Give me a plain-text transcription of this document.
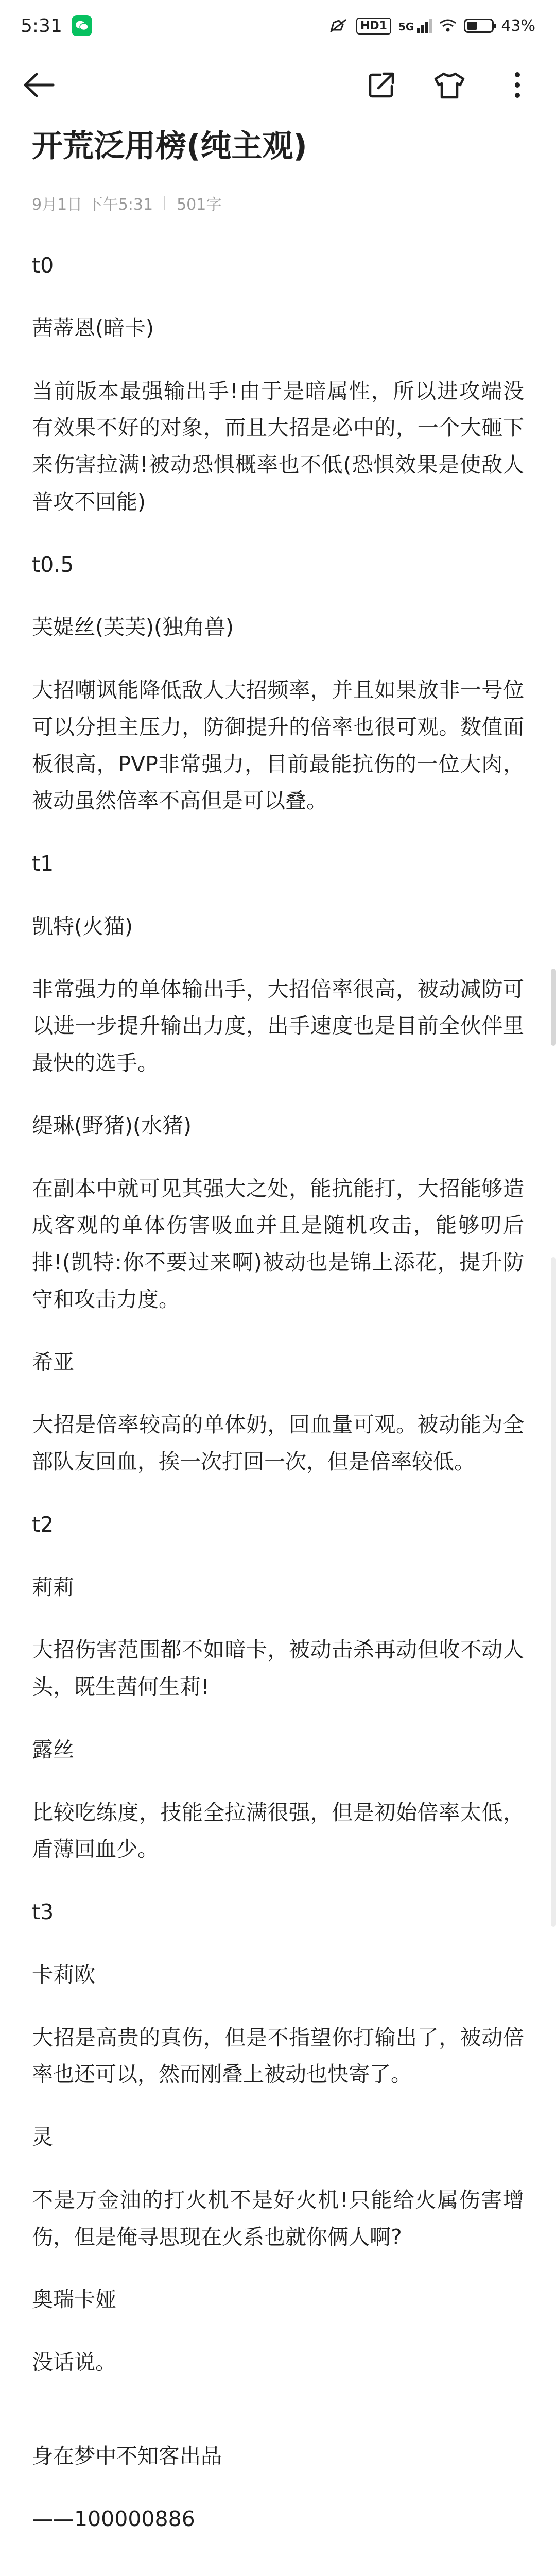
5:31	HD1	5G	43%
开荒泛用榜(纯主观)
9月1日 下午5:31 501字

t0

茜蒂恩(暗卡)

当前版本最强输出手!由于是暗属性，所以进攻端没有效果不好的对象，而且大招是必中的，一个大砸下来伤害拉满!被动恐惧概率也不低(恐惧效果是使敌人普攻不回能)

t0.5

芙媞丝(芙芙)(独角兽)

大招嘲讽能降低敌人大招频率，并且如果放非一号位可以分担主压力，防御提升的倍率也很可观。数值面板很高，PVP非常强力，目前最能抗伤的一位大肉，被动虽然倍率不高但是可以叠。

t1

凯特(火猫)

非常强力的单体输出手，大招倍率很高，被动减防可以进一步提升输出力度，出手速度也是目前全伙伴里最快的选手。

缇琳(野猪)(水猪)

在副本中就可见其强大之处，能抗能打，大招能够造成客观的单体伤害吸血并且是随机攻击，能够叨后排!(凯特:你不要过来啊)被动也是锦上添花，提升防守和攻击力度。

希亚

大招是倍率较高的单体奶，回血量可观。被动能为全部队友回血，挨一次打回一次，但是倍率较低。

t2

莉莉

大招伤害范围都不如暗卡，被动击杀再动但收不动人头，既生茜何生莉!

露丝

比较吃练度，技能全拉满很强，但是初始倍率太低，盾薄回血少。

t3

卡莉欧

大招是高贵的真伤，但是不指望你打输出了，被动倍率也还可以，然而刚叠上被动也快寄了。

灵

不是万金油的打火机不是好火机!只能给火属伤害增伤，但是俺寻思现在火系也就你俩人啊?

奥瑞卡娅

没话说。

身在梦中不知客出品

——100000886
